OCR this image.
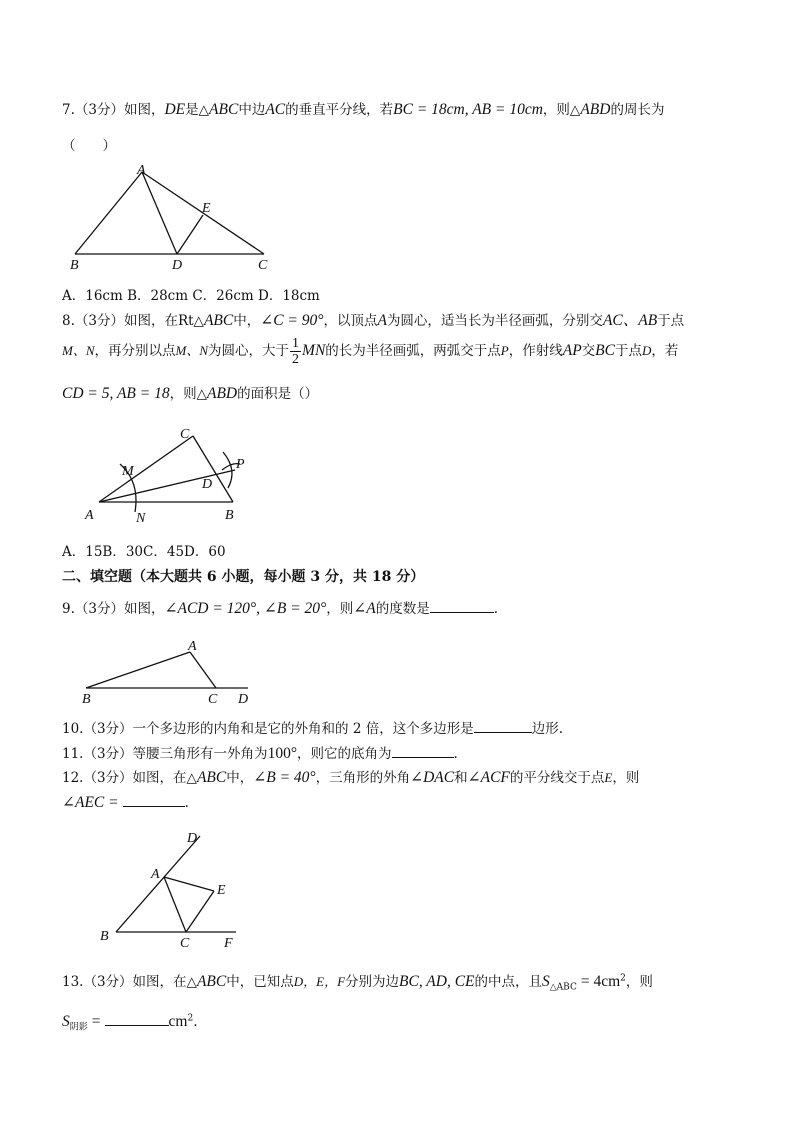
7.（3分）如图，DE是△ABC中边AC的垂直平分线，若BC = 18cm, AB = 10cm，则△ABD的周长为
（　　）
A
B	C
D
E
A．16cm B．28cm C．26cm D．18cm
8.（3分）如图，在Rt△ABC中，∠C = 90°，以顶点A为圆心，适当长为半径画弧，分别交AC、AB于点
M、N，再分别以点M、N为圆心，大于 $\frac{1}{2}$ MN的长为半径画弧，两弧交于点P，作射线AP交BC于点D，若
CD = 5, AB = 18，则△ABD的面积是（）
A	B
C
D
M
N
P
A．15B．30C．45D．60
二、填空题（本大题共 6 小题，每小题 3 分，共 18 分）
9.（3分）如图，∠ACD = 120°, ∠B = 20°，则∠A的度数是	.
A
B	C D
10.（3分）一个多边形的内角和是它的外角和的 2 倍，这个多边形是	边形.
11.（3分）等腰三角形有一外角为100°，则它的底角为	.
12.（3分）如图，在△ABC中，∠B = 40°，三角形的外角∠DAC和∠ACF的平分线交于点E，则
∠AEC =	.
D
A
E
B	C F
13.（3分）如图，在△ABC中，已知点D，E，F分别为边BC, AD, CE的中点，且$S_{\triangle ABC} = 4cm^2$，则
$S_{阴影}$ =	$cm^2$.
